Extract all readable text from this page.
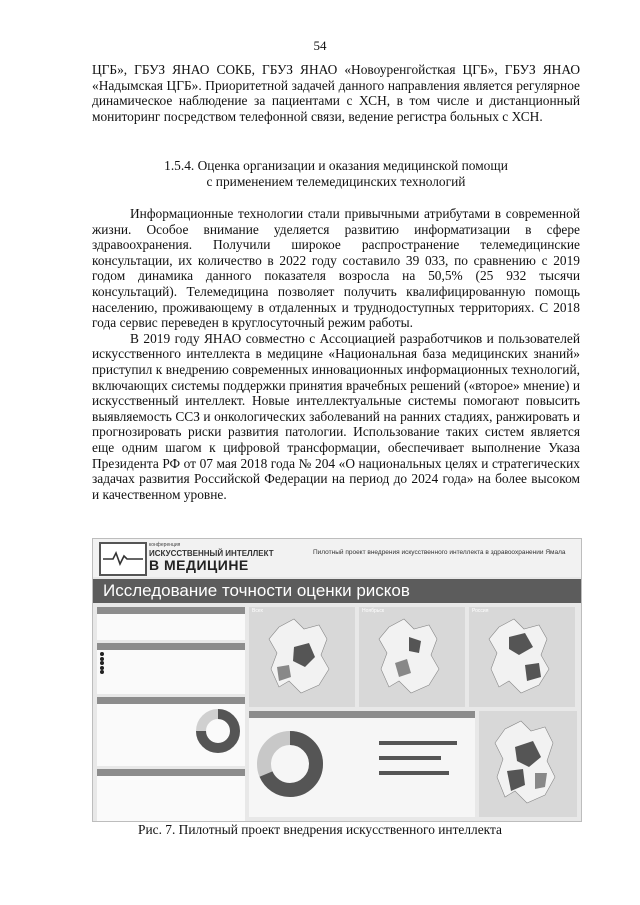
54

ЦГБ», ГБУЗ ЯНАО СОКБ, ГБУЗ ЯНАО «Новоуренгойсткая ЦГБ», ГБУЗ ЯНАО «Надымская ЦГБ». Приоритетной задачей данного направления является регулярное динамическое наблюдение за пациентами с ХСН, в том числе и дистанционный мониторинг посредством телефонной связи, ведение регистра больных с ХСН.

1.5.4. Оценка организации и оказания медицинской помощи
с применением телемедицинских технологий

Информационные технологии стали привычными атрибутами в современной жизни. Особое внимание уделяется развитию информатизации в сфере здравоохранения. Получили широкое распространение телемедицинские консультации, их количество в 2022 году составило 39 033, по сравнению с 2019 годом динамика данного показателя возросла на 50,5% (25 932 тысячи консультаций). Телемедицина позволяет получить квалифицированную помощь населению, проживающему в отдаленных и труднодоступных территориях. С 2018 года сервис переведен в круглосуточный режим работы.

В 2019 году ЯНАО совместно с Ассоциацией разработчиков и пользователей искусственного интеллекта в медицине «Национальная база медицинских знаний» приступил к внедрению современных инновационных информационных технологий, включающих системы поддержки принятия врачебных решений («второе» мнение) и искусственный интеллект. Новые интеллектуальные системы помогают повысить выявляемость ССЗ и онкологических заболеваний на ранних стадиях, ранжировать и прогнозировать риски развития патологии. Использование таких систем является еще одним шагом к цифровой трансформации, обеспечивает выполнение Указа Президента РФ от 07 мая 2018 года № 204 «О национальных целях и стратегических задачах развития Российской Федерации на период до 2024 года» на более высоком и качественном уровне.

конференция
ИСКУССТВЕННЫЙ ИНТЕЛЛЕКТ
В МЕДИЦИНЕ
Пилотный проект внедрения искусственного интеллекта в здравоохранении Ямала
Исследование точности оценки рисков
Всех	Ноябрьск	Россия
Рис. 7. Пилотный проект внедрения искусственного интеллекта
